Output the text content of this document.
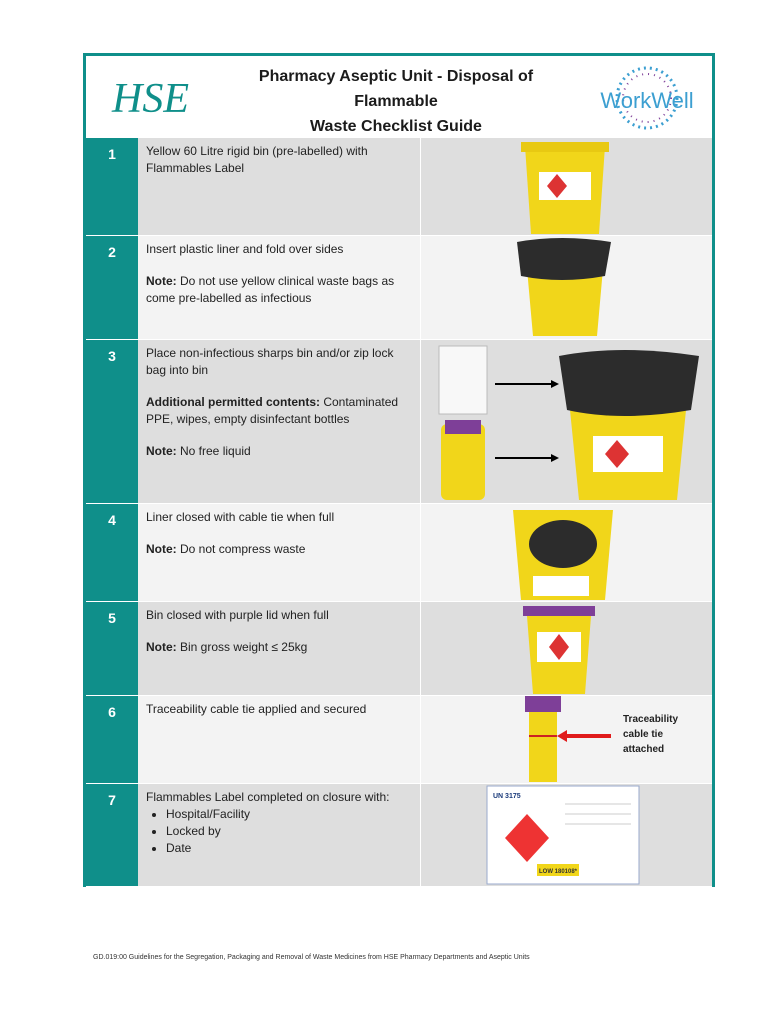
HSE	Pharmacy Aseptic Unit - Disposal of
Flammable
Waste Checklist Guide
WorkWell
1	Yellow 60 Litre rigid bin (pre-labelled) with Flammables Label

2	Insert plastic liner and fold over sides

Note: Do not use yellow clinical waste bags as come pre-labelled as infectious

3	Place non-infectious sharps bin and/or zip lock bag into bin

Additional permitted contents: Contaminated PPE, wipes, empty disinfectant bottles

Note: No free liquid

4	Liner closed with cable tie when full

Note: Do not compress waste

5	Bin closed with purple lid when full

Note: Bin gross weight ≤ 25kg

6	Traceability cable tie applied and secured

Traceability
cable tie
attached
7	Flammables Label completed on closure with:
• Hospital/Facility
• Locked by
• Date
UN 3175
LOW 180108*
GD.019:00 Guidelines for the Segregation, Packaging and Removal of Waste Medicines from HSE Pharmacy Departments and Aseptic Units
